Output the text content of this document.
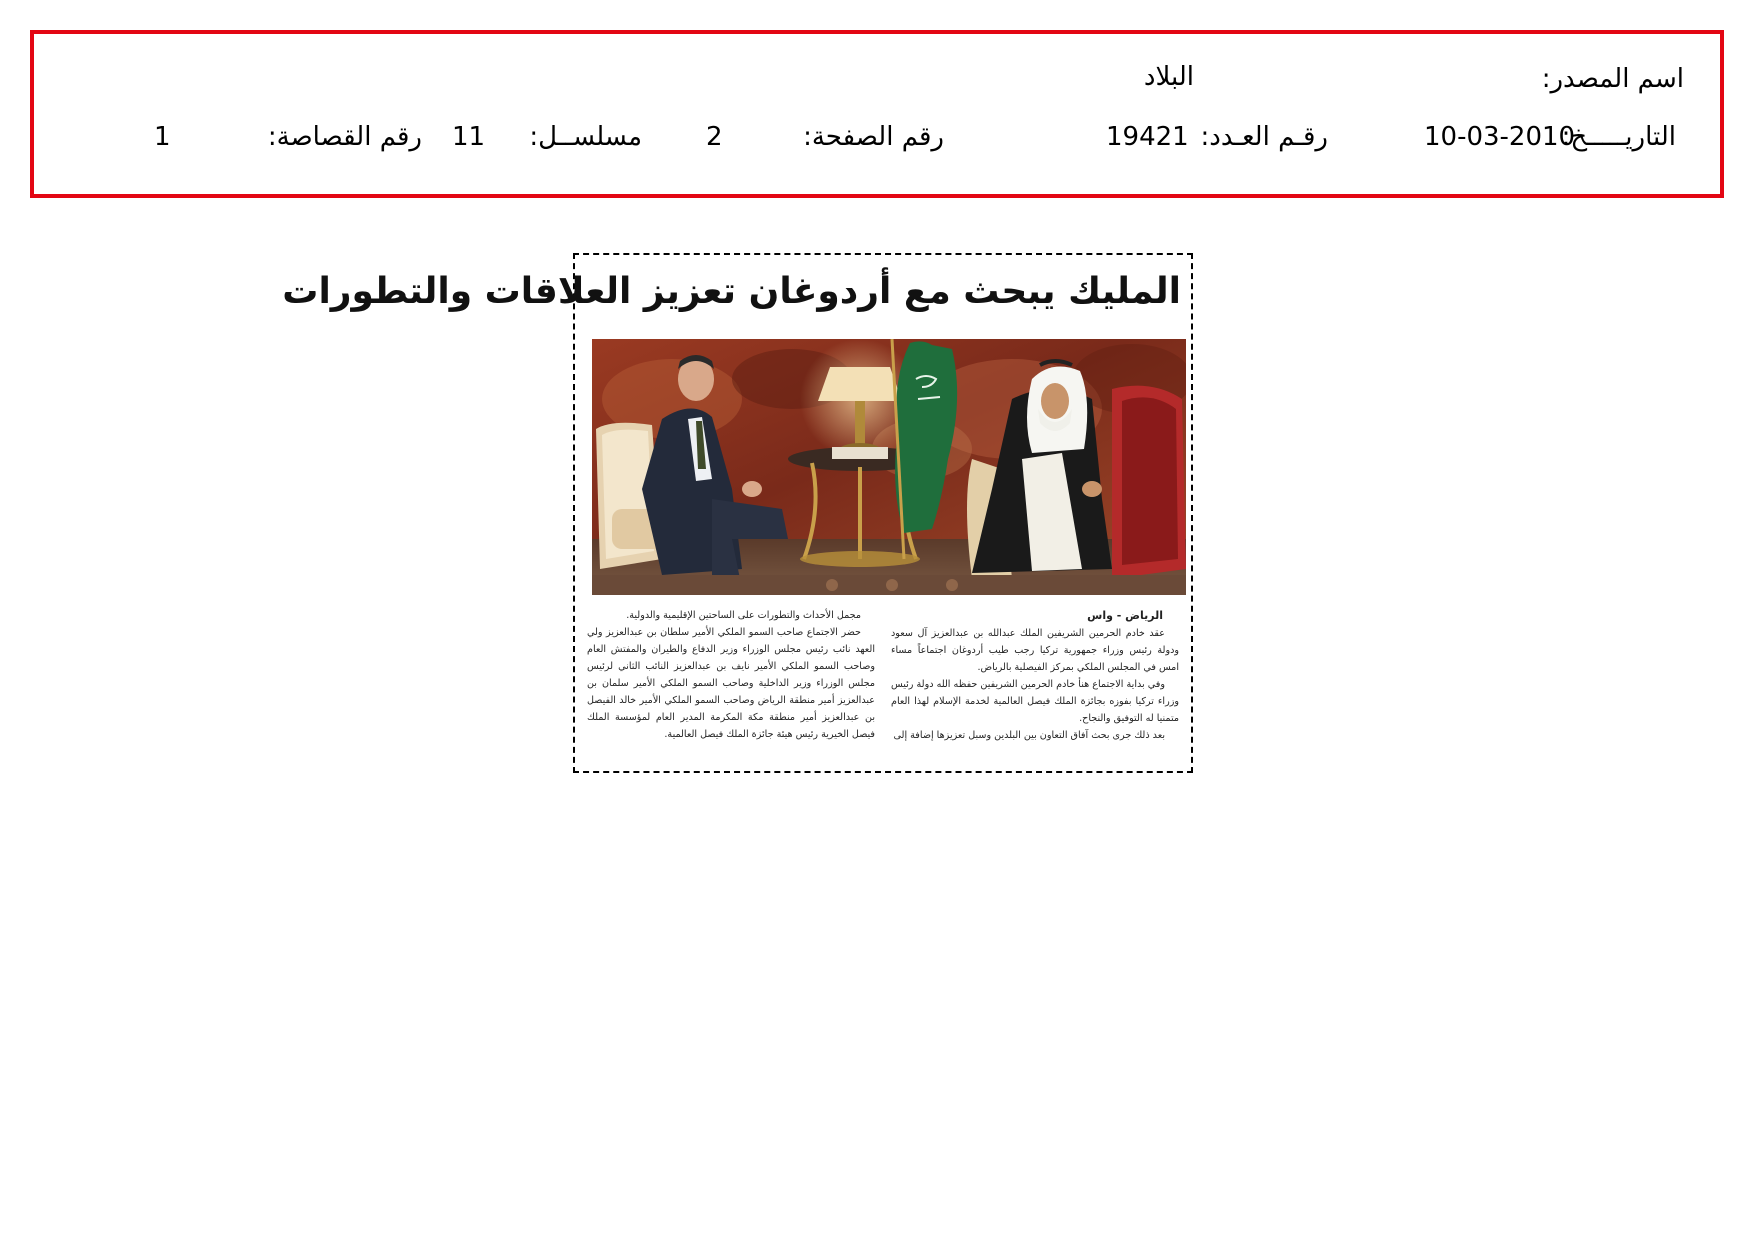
اسم المصدر:
البلاد
التاريـــــخ:
10-03-2010
رقـم العـدد:
19421
رقم الصفحة:
2
مسلســل:
11
رقم القصاصة:
1
المليك يبحث مع أردوغان تعزيز العلاقات والتطورات
الرياض - واس
عقد خادم الحرمين الشريفين الملك عبدالله بن عبدالعزيز آل سعود ودولة رئيس وزراء جمهورية تركيا رجب طيب أردوغان اجتماعاً مساء امس في المجلس الملكي بمركز الفيصلية بالرياض.
وفي بداية الاجتماع هنأ خادم الحرمين الشريفين حفظه الله دولة رئيس وزراء تركيا بفوزه بجائزة الملك فيصل العالمية لخدمة الإسلام لهذا العام متمنيا له التوفيق والنجاح.
بعد ذلك جرى بحث آفاق التعاون بين البلدين وسبل تعزيزها إضافة إلى
مجمل الأحداث والتطورات على الساحتين الإقليمية والدولية.
حضر الاجتماع صاحب السمو الملكي الأمير سلطان بن عبدالعزيز ولي العهد نائب رئيس مجلس الوزراء وزير الدفاع والطيران والمفتش العام وصاحب السمو الملكي الأمير نايف بن عبدالعزيز النائب الثاني لرئيس مجلس الوزراء وزير الداخلية وصاحب السمو الملكي الأمير سلمان بن عبدالعزيز أمير منطقة الرياض وصاحب السمو الملكي الأمير خالد الفيصل بن عبدالعزيز أمير منطقة مكة المكرمة المدير العام لمؤسسة الملك فيصل الخيرية رئيس هيئة جائزة الملك فيصل العالمية.
